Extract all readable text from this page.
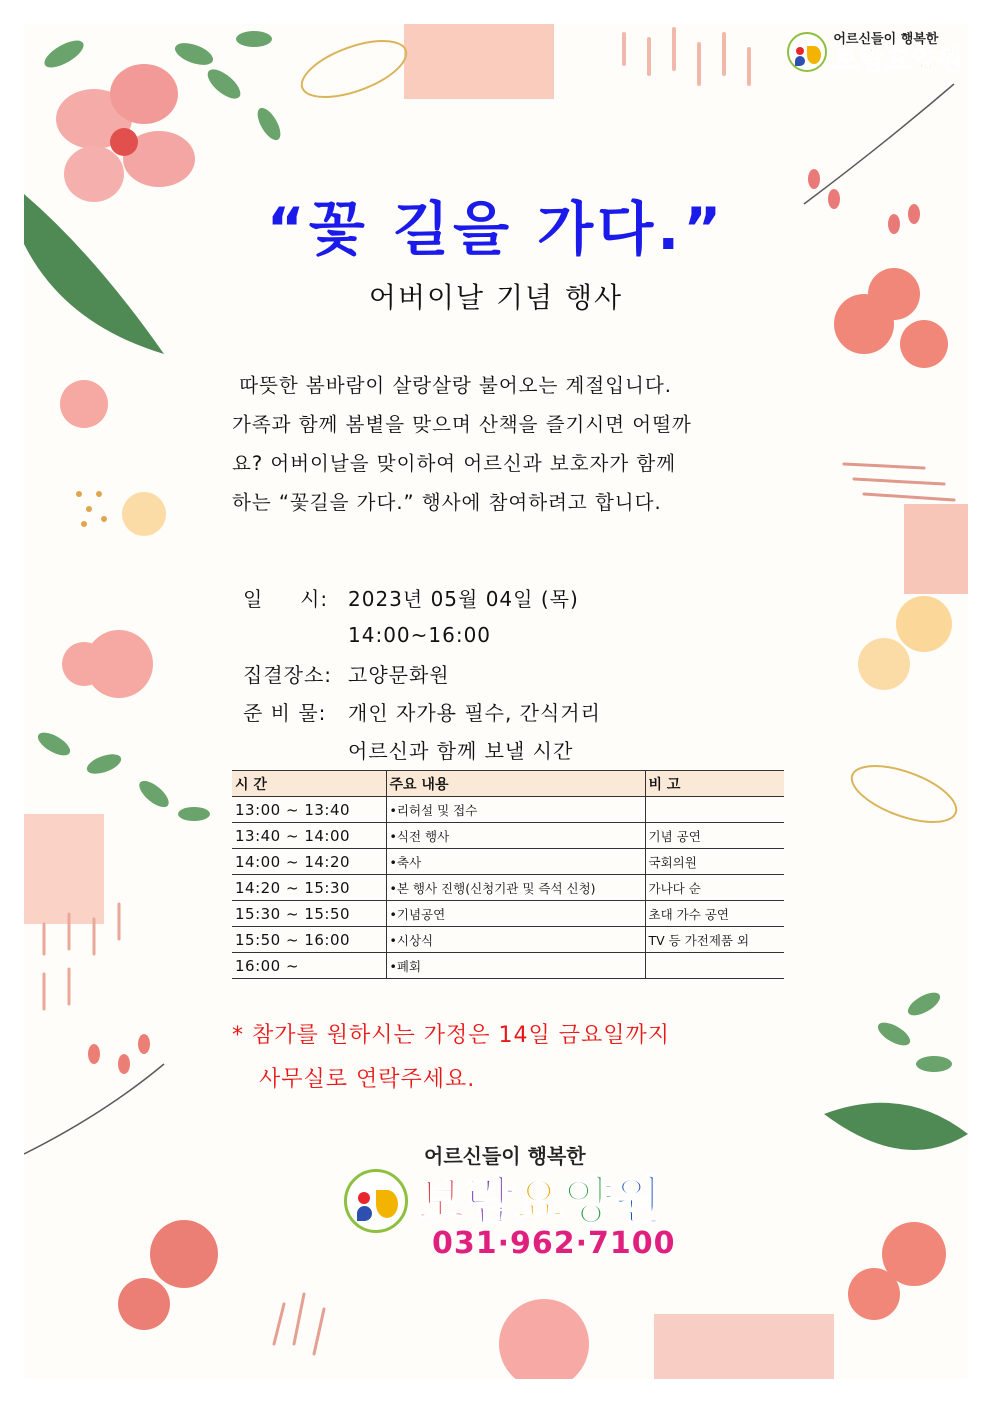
어르신들이 행복한
보람요양원
“꽃 길을 가다.”
어버이날 기념 행사
따뜻한 봄바람이 살랑살랑 불어오는 계절입니다.
가족과 함께 봄볕을 맞으며 산책을 즐기시면 어떨까
요? 어버이날을 맞이하여 어르신과 보호자가 함께
하는 “꽃길을 가다.” 행사에 참여하려고 합니다.
일     시: 2023년 05월 04일 (목)
14:00~16:00
집결장소: 고양문화원
준 비 물:	개인 자가용 필수, 간식거리
어르신과 함께 보낼 시간
시 간	주요 내용	비 고
13:00 ~ 13:40	•리허설 및 접수	
13:40 ~ 14:00	•식전 행사	기념 공연
14:00 ~ 14:20	•축사	국회의원
14:20 ~ 15:30	•본 행사 진행(신청기관 및 즉석 신청)	가나다 순
15:30 ~ 15:50	•기념공연	초대 가수 공연
15:50 ~ 16:00	•시상식	TV 등 가전제품 외
16:00 ~	•폐회	
* 참가를 원하시는 가정은 14일 금요일까지
사무실로 연락주세요.
어르신들이 행복한
보람요양원
031·962·7100
